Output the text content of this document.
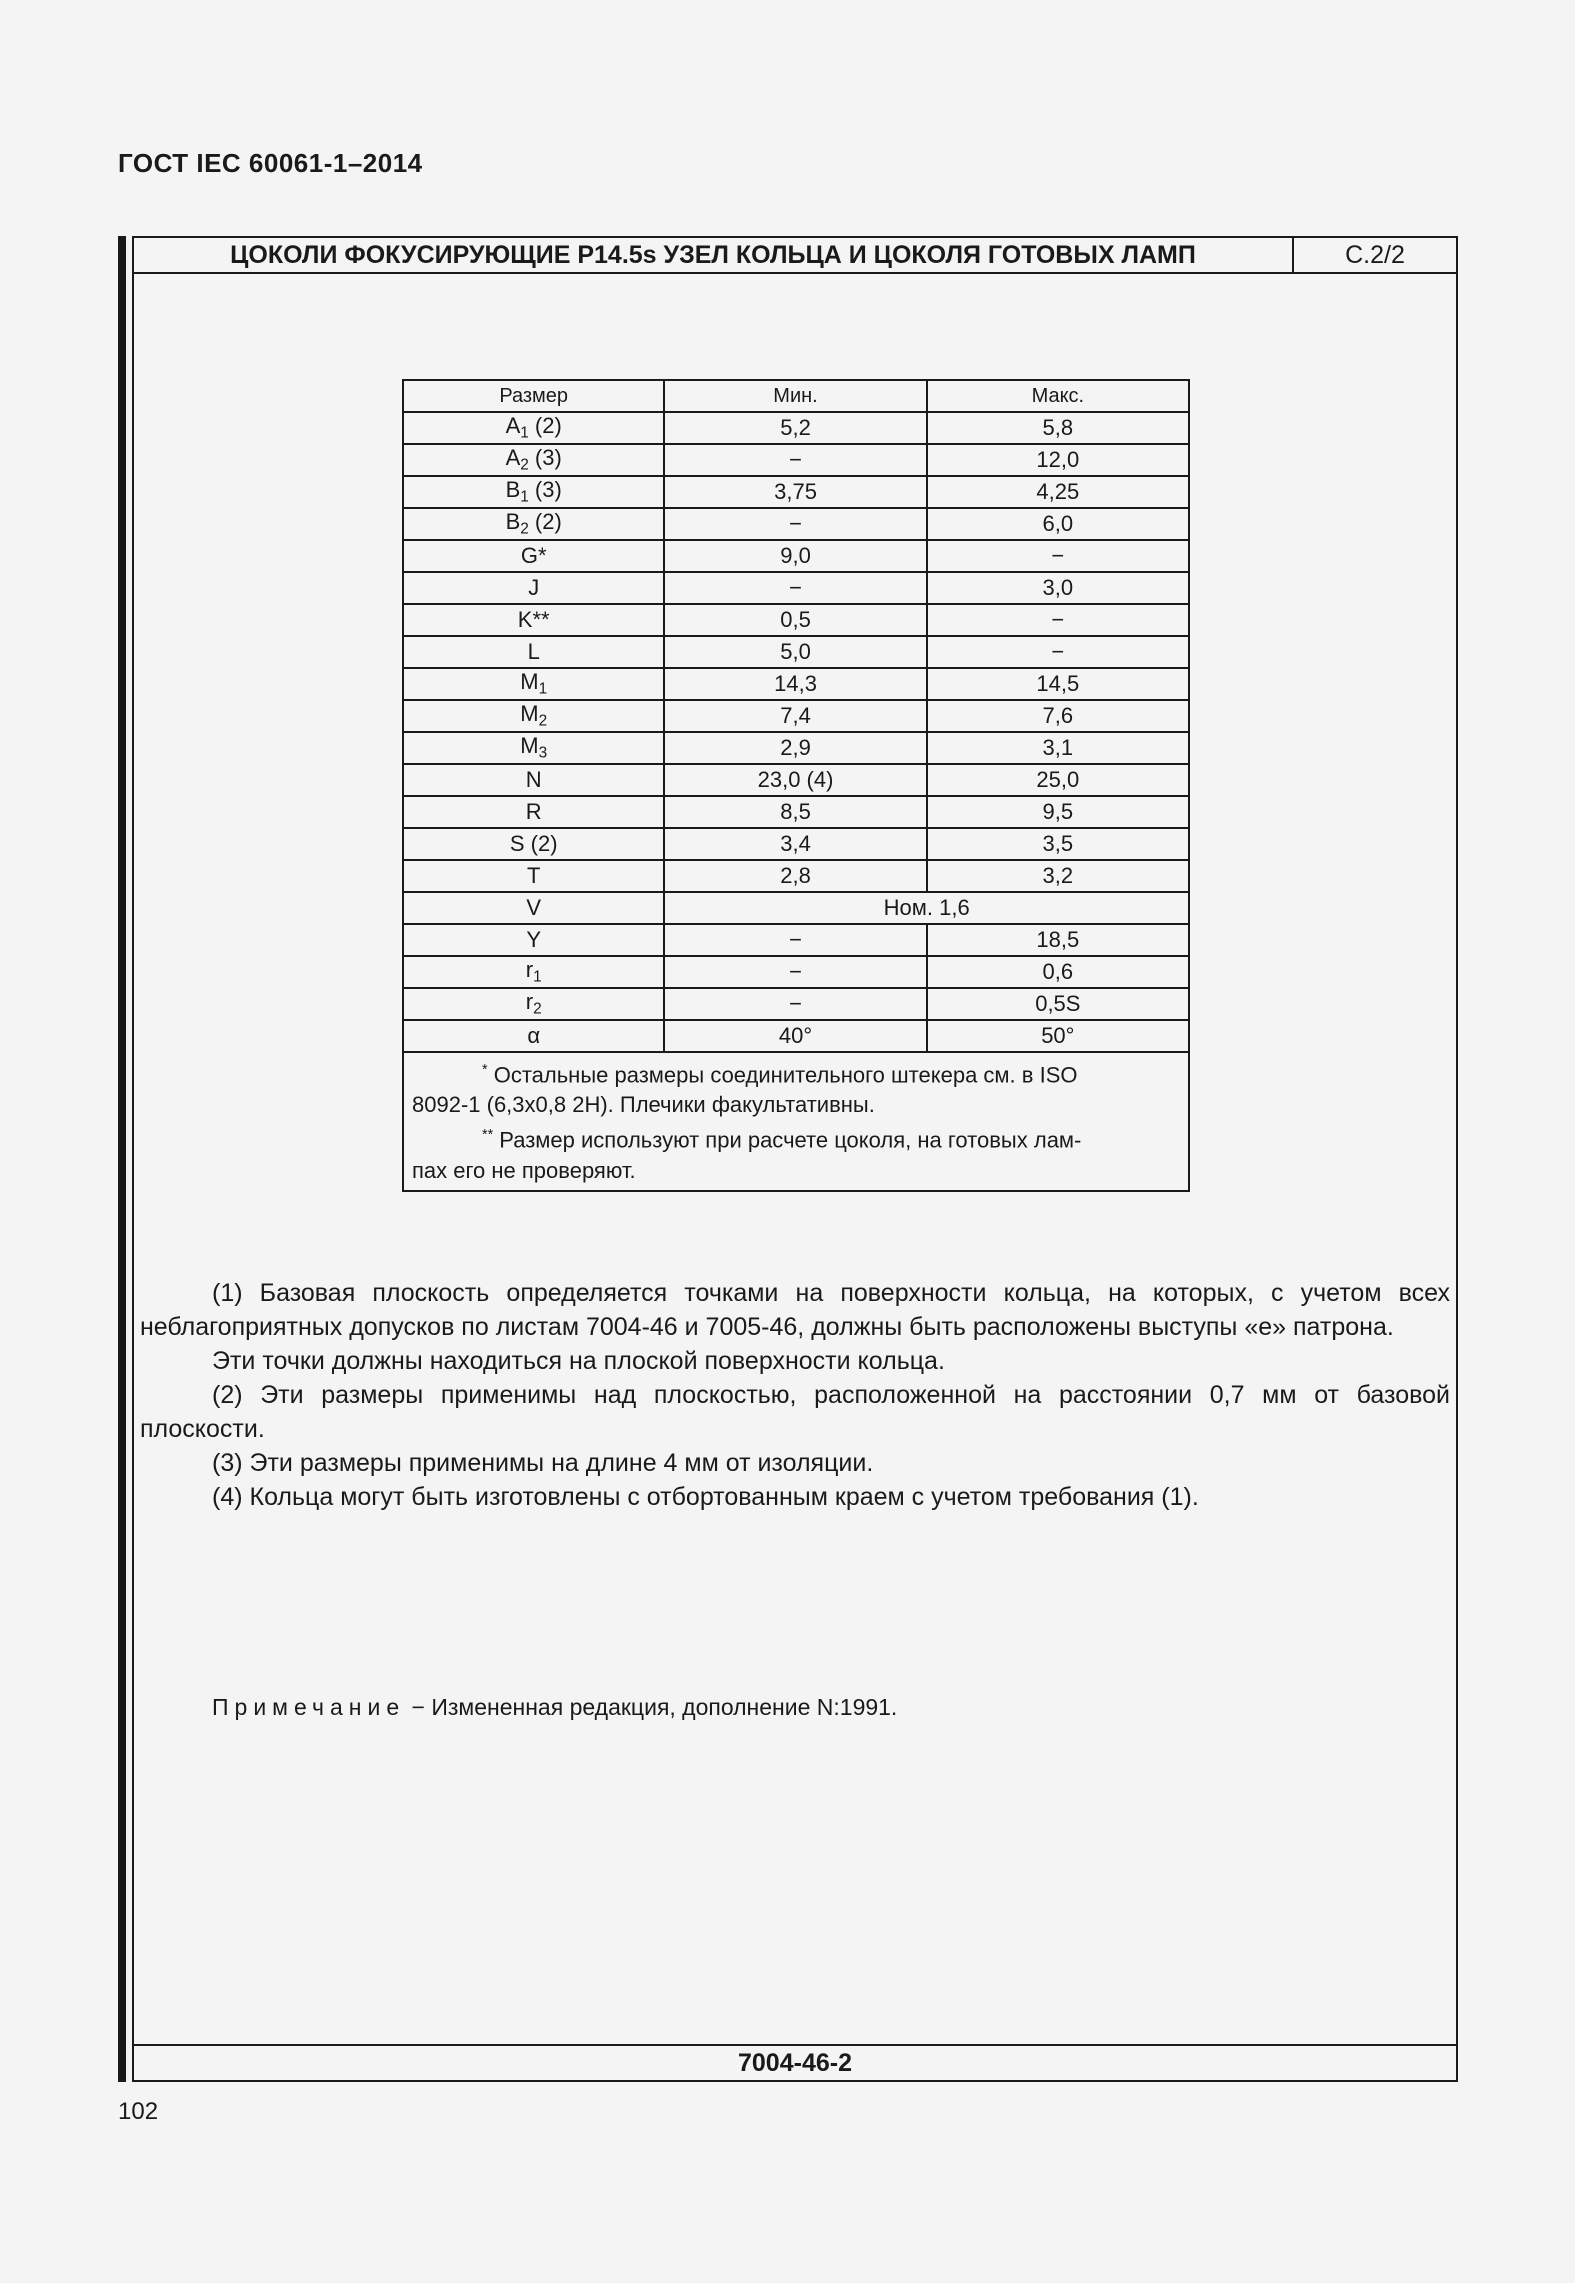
ГОСТ IEC 60061-1–2014
ЦОКОЛИ ФОКУСИРУЮЩИЕ P14.5s УЗЕЛ КОЛЬЦА И ЦОКОЛЯ ГОТОВЫХ ЛАМП	С.2/2
7004-46-2
Размер	Мин.	Макс.
$A_1$ (2)	5,2	5,8
$A_2$ (3)	−	12,0
$B_1$ (3)	3,75	4,25
$B_2$ (2)	−	6,0
G*	9,0	−
J	−	3,0
K**	0,5	−
L	5,0	−
$M_1$	14,3	14,5
$M_2$	7,4	7,6
$M_3$	2,9	3,1
N	23,0 (4)	25,0
R	8,5	9,5
S (2)	3,4	3,5
T	2,8	3,2
V	Ном. 1,6	
Y	−	18,5
$r_1$	−	0,6
$r_2$	−	0,5S
α	40°	50°

* Остальные размеры соединительного штекера см. в ISO
8092-1 (6,3x0,8 2H). Плечики факультативны.
** Размер используют при расчете цоколя, на готовых лам-
пах его не проверяют.		

(1) Базовая плоскость определяется точками на поверхности кольца, на которых, с учетом всех неблагоприятных допусков по листам 7004-46 и 7005-46, должны быть расположены выступы «е» патрона.

Эти точки должны находиться на плоской поверхности кольца.

(2) Эти размеры применимы над плоскостью, расположенной на расстоянии 0,7 мм от базовой плоскости.

(3) Эти размеры применимы на длине 4 мм от изоляции.

(4) Кольца могут быть изготовлены с отбортованным краем с учетом требования (1).

Примечание − Измененная редакция, дополнение N:1991.
102
